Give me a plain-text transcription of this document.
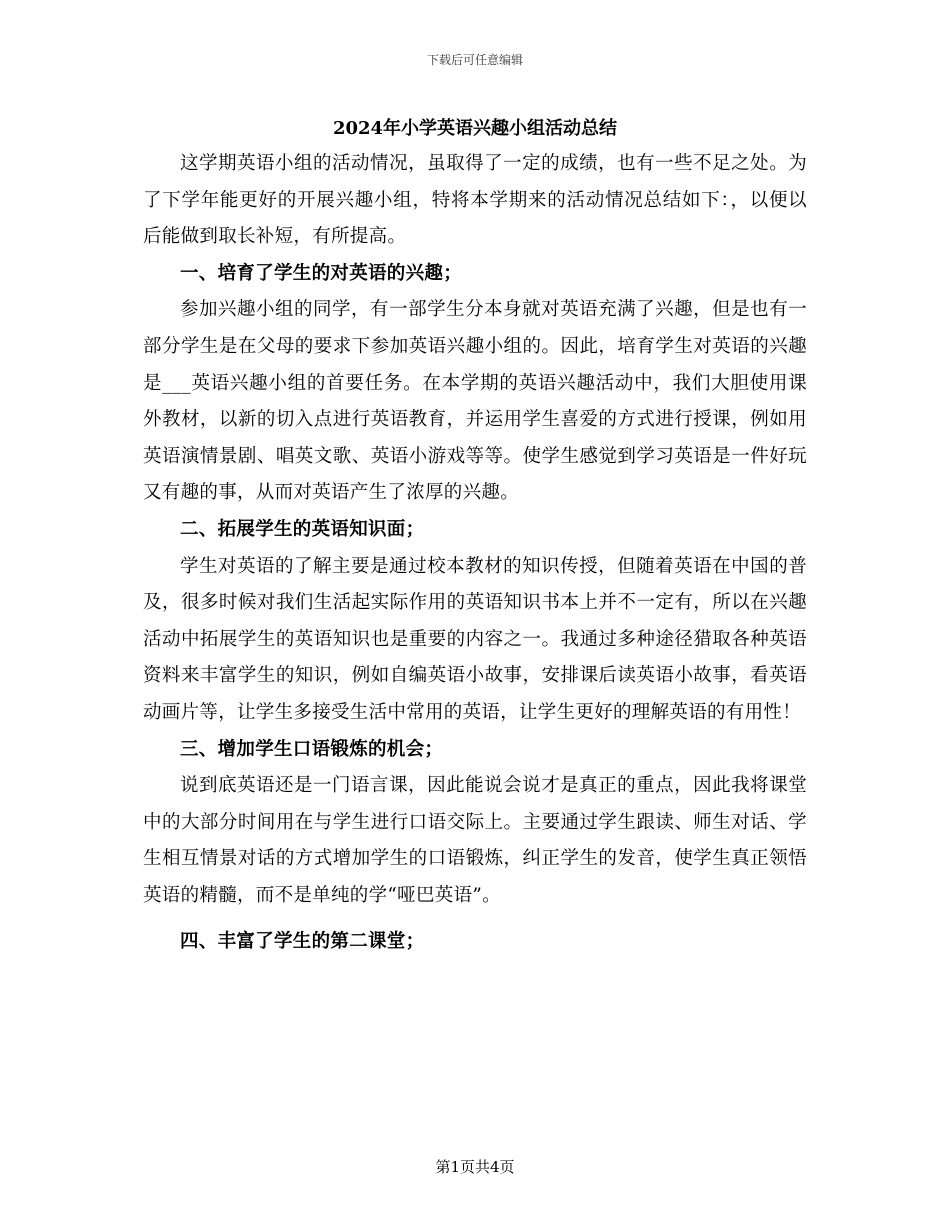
下载后可任意编辑
2024年小学英语兴趣小组活动总结

这学期英语小组的活动情况，虽取得了一定的成绩，也有一些不足之处。为了下学年能更好的开展兴趣小组，特将本学期来的活动情况总结如下：，以便以后能做到取长补短，有所提高。

一、培育了学生的对英语的兴趣；

参加兴趣小组的同学，有一部学生分本身就对英语充满了兴趣，但是也有一部分学生是在父母的要求下参加英语兴趣小组的。因此，培育学生对英语的兴趣是___英语兴趣小组的首要任务。在本学期的英语兴趣活动中，我们大胆使用课外教材，以新的切入点进行英语教育，并运用学生喜爱的方式进行授课，例如用英语演情景剧、唱英文歌、英语小游戏等等。使学生感觉到学习英语是一件好玩又有趣的事，从而对英语产生了浓厚的兴趣。

二、拓展学生的英语知识面；

学生对英语的了解主要是通过校本教材的知识传授，但随着英语在中国的普及，很多时候对我们生活起实际作用的英语知识书本上并不一定有，所以在兴趣活动中拓展学生的英语知识也是重要的内容之一。我通过多种途径猎取各种英语资料来丰富学生的知识，例如自编英语小故事，安排课后读英语小故事，看英语动画片等，让学生多接受生活中常用的英语，让学生更好的理解英语的有用性！

三、增加学生口语锻炼的机会；

说到底英语还是一门语言课，因此能说会说才是真正的重点，因此我将课堂中的大部分时间用在与学生进行口语交际上。主要通过学生跟读、师生对话、学生相互情景对话的方式增加学生的口语锻炼，纠正学生的发音，使学生真正领悟英语的精髓，而不是单纯的学“哑巴英语”。

四、丰富了学生的第二课堂；

第1页共4页
